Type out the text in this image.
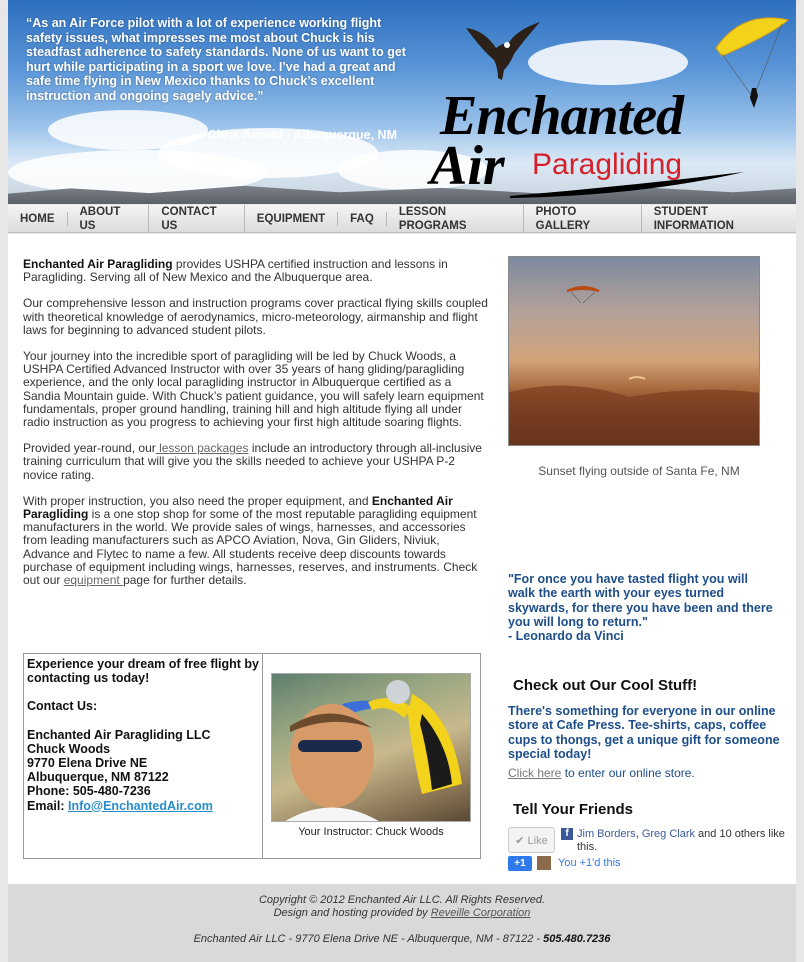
“As an Air Force pilot with a lot of experience working flight safety issues, what impresses me most about Chuck is his steadfast adherence to safety standards. None of us want to get hurt while participating in a sport we love. I’ve had a great and safe time flying in New Mexico thanks to Chuck’s excellent instruction and ongoing sagely advice.”
- Chris Arnold - Albuquerque, NM Enchanted
Air Paragliding
HOME
ABOUT US
CONTACT US
EQUIPMENT	FAQ
LESSON PROGRAMS
PHOTO GALLERY
STUDENT INFORMATION

Enchanted Air Paragliding provides USHPA certified instruction and lessons in Paragliding. Serving all of New Mexico and the Albuquerque area.

Our comprehensive lesson and instruction programs cover practical flying skills coupled with theoretical knowledge of aerodynamics, micro-meteorology, airmanship and flight laws for beginning to advanced student pilots.

Your journey into the incredible sport of paragliding will be led by Chuck Woods, a USHPA Certified Advanced Instructor with over 35 years of hang gliding/paragliding experience, and the only local paragliding instructor in Albuquerque certified as a Sandia Mountain guide. With Chuck’s patient guidance, you will safely learn equipment fundamentals, proper ground handling, training hill and high altitude flying all under radio instruction as you progress to achieving your first high altitude soaring flights.

Provided year-round, our lesson packages include an introductory through all-inclusive training curriculum that will give you the skills needed to achieve your USHPA P-2 novice rating.

With proper instruction, you also need the proper equipment, and Enchanted Air Paragliding is a one stop shop for some of the most reputable paragliding equipment manufacturers in the world. We provide sales of wings, harnesses, and accessories from leading manufacturers such as APCO Aviation, Nova, Gin Gliders, Niviuk, Advance and Flytec to name a few. All students receive deep discounts towards purchase of equipment including wings, harnesses, reserves, and instruments. Check out our equipment page for further details.

Sunset flying outside of Santa Fe, NM
"For once you have tasted flight you will walk the earth with your eyes turned skywards, for there you have been and there you will long to return."
- Leonardo da Vinci
Check out Our Cool Stuff!
There's something for everyone in our online store at Cafe Press. Tee-shirts, caps, coffee cups to thongs, get a unique gift for someone special today!
Click here to enter our online store.
Tell Your Friends
✔ Like
f Jim Borders, Greg Clark and 10 others like this.
+1	You +1'd this

Experience your dream of free flight by contacting us today!

Contact Us:

Enchanted Air Paragliding LLC
Chuck Woods
9770 Elena Drive NE
Albuquerque, NM 87122
Phone: 505-480-7236
Email: Info@EnchantedAir.com
Your Instructor: Chuck Woods
Copyright © 2012 Enchanted Air LLC. All Rights Reserved.
Design and hosting provided by Reveille Corporation
Enchanted Air LLC - 9770 Elena Drive NE - Albuquerque, NM - 87122 - 505.480.7236
